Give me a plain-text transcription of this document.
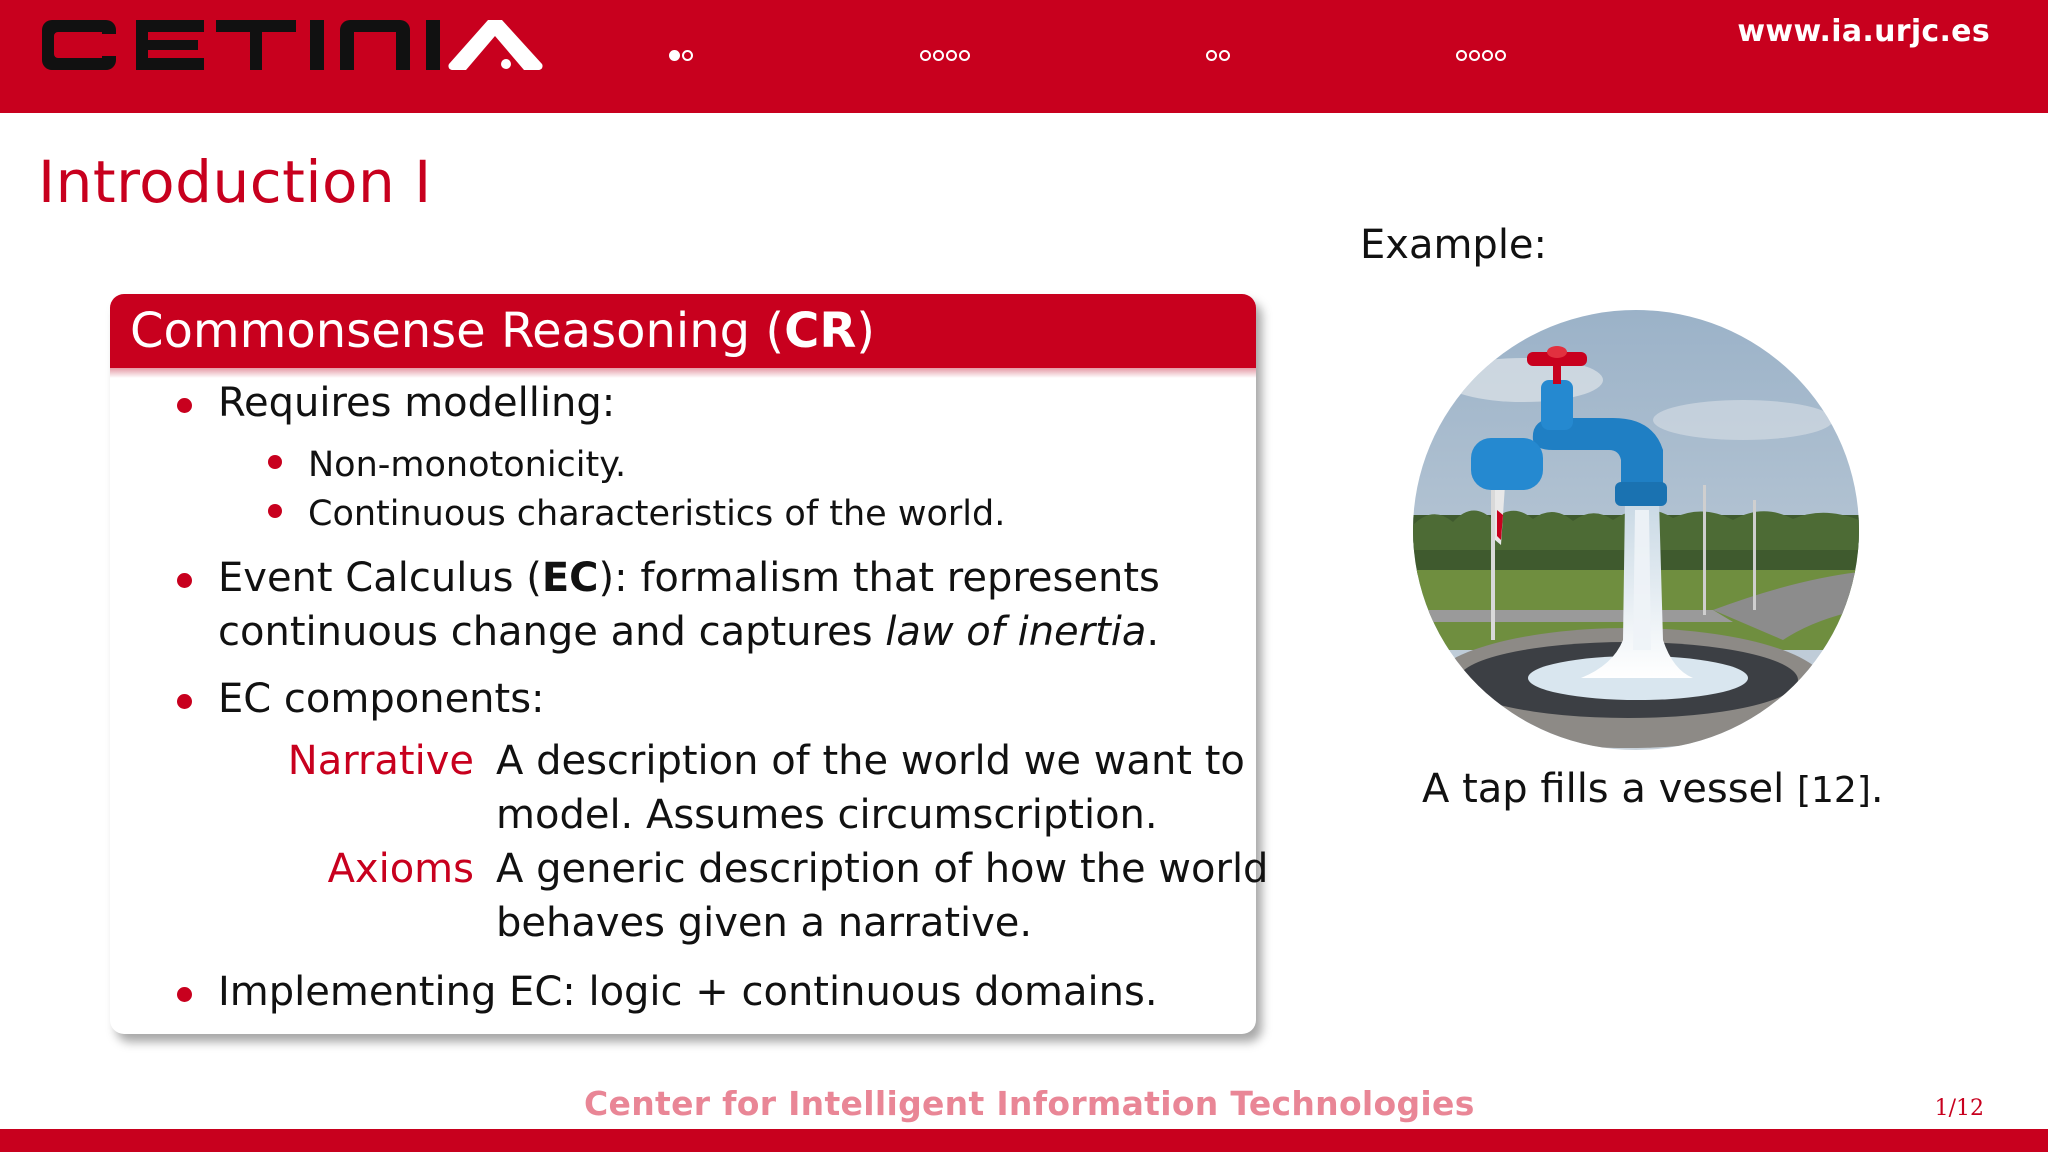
www.ia.urjc.es
Introduction I
Commonsense Reasoning (CR)
Requires modelling:
Non-monotonicity.
Continuous characteristics of the world.
Event Calculus (EC): formalism that represents
continuous change and captures law of inertia.
EC components:
Narrative A description of the world we want to
model. Assumes circumscription.
Axioms A generic description of how the world
behaves given a narrative.
Implementing EC: logic + continuous domains.
Example:
A tap fills a vessel [12].
Center for Intelligent Information Technologies	1/12
